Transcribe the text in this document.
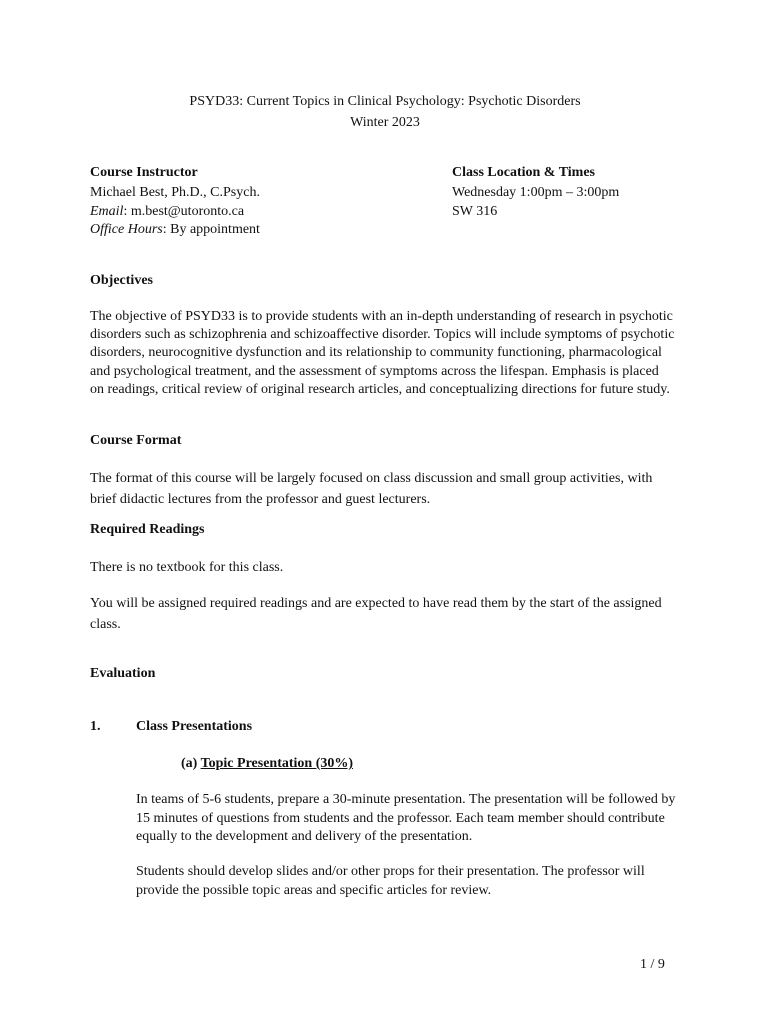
PSYD33: Current Topics in Clinical Psychology: Psychotic Disorders
Winter 2023
Course Instructor
Michael Best, Ph.D., C.Psych.
Email: m.best@utoronto.ca
Office Hours: By appointment
Class Location & Times
Wednesday 1:00pm – 3:00pm
SW 316
Objectives
The objective of PSYD33 is to provide students with an in-depth understanding of research in psychotic disorders such as schizophrenia and schizoaffective disorder. Topics will include symptoms of psychotic disorders, neurocognitive dysfunction and its relationship to community functioning, pharmacological and psychological treatment, and the assessment of symptoms across the lifespan. Emphasis is placed on readings, critical review of original research articles, and conceptualizing directions for future study.
Course Format
The format of this course will be largely focused on class discussion and small group activities, with brief didactic lectures from the professor and guest lecturers.
Required Readings
There is no textbook for this class.
You will be assigned required readings and are expected to have read them by the start of the assigned class.
Evaluation
1.	Class Presentations
(a) Topic Presentation (30%)
In teams of 5-6 students, prepare a 30-minute presentation. The presentation will be followed by 15 minutes of questions from students and the professor. Each team member should contribute equally to the development and delivery of the presentation.
Students should develop slides and/or other props for their presentation. The professor will provide the possible topic areas and specific articles for review.
1 / 9
